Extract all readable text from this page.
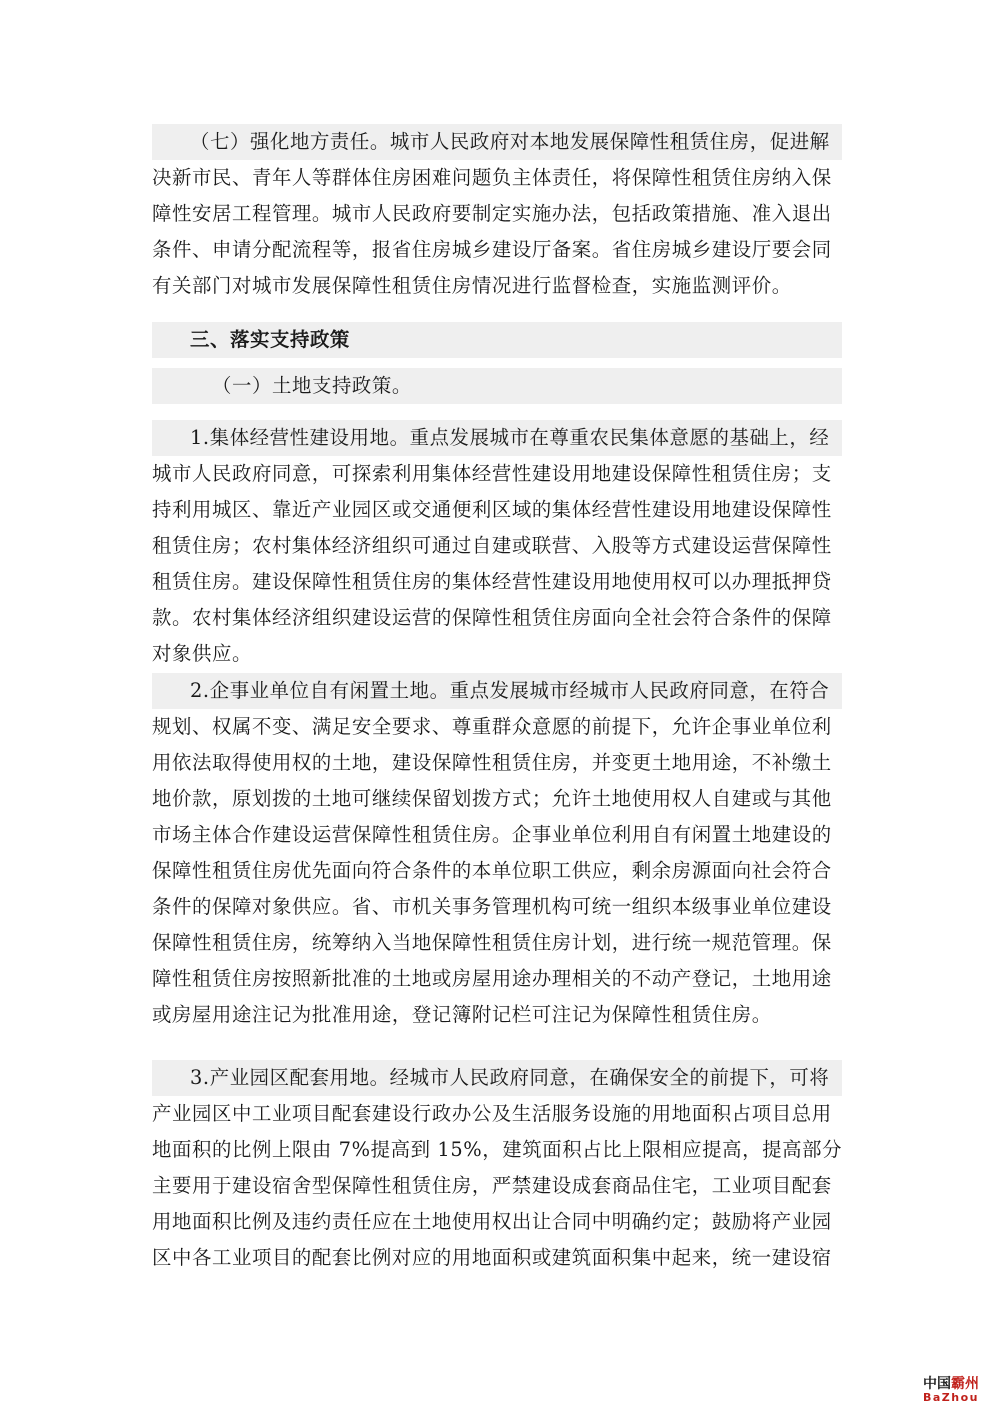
（七）强化地方责任。城市人民政府对本地发展保障性租赁住房，促进解
决新市民、青年人等群体住房困难问题负主体责任，将保障性租赁住房纳入保
障性安居工程管理。城市人民政府要制定实施办法，包括政策措施、准入退出
条件、申请分配流程等，报省住房城乡建设厅备案。省住房城乡建设厅要会同
有关部门对城市发展保障性租赁住房情况进行监督检查，实施监测评价。
三、落实支持政策
（一）土地支持政策。
1.集体经营性建设用地。重点发展城市在尊重农民集体意愿的基础上，经
城市人民政府同意，可探索利用集体经营性建设用地建设保障性租赁住房；支
持利用城区、靠近产业园区或交通便利区域的集体经营性建设用地建设保障性
租赁住房；农村集体经济组织可通过自建或联营、入股等方式建设运营保障性
租赁住房。建设保障性租赁住房的集体经营性建设用地使用权可以办理抵押贷
款。农村集体经济组织建设运营的保障性租赁住房面向全社会符合条件的保障
对象供应。
2.企事业单位自有闲置土地。重点发展城市经城市人民政府同意，在符合
规划、权属不变、满足安全要求、尊重群众意愿的前提下，允许企事业单位利
用依法取得使用权的土地，建设保障性租赁住房，并变更土地用途，不补缴土
地价款，原划拨的土地可继续保留划拨方式；允许土地使用权人自建或与其他
市场主体合作建设运营保障性租赁住房。企事业单位利用自有闲置土地建设的
保障性租赁住房优先面向符合条件的本单位职工供应，剩余房源面向社会符合
条件的保障对象供应。省、市机关事务管理机构可统一组织本级事业单位建设
保障性租赁住房，统筹纳入当地保障性租赁住房计划，进行统一规范管理。保
障性租赁住房按照新批准的土地或房屋用途办理相关的不动产登记，土地用途
或房屋用途注记为批准用途，登记簿附记栏可注记为保障性租赁住房。
3.产业园区配套用地。经城市人民政府同意，在确保安全的前提下，可将
产业园区中工业项目配套建设行政办公及生活服务设施的用地面积占项目总用
地面积的比例上限由 7%提高到 15%，建筑面积占比上限相应提高，提高部分
主要用于建设宿舍型保障性租赁住房，严禁建设成套商品住宅，工业项目配套
用地面积比例及违约责任应在土地使用权出让合同中明确约定；鼓励将产业园
区中各工业项目的配套比例对应的用地面积或建筑面积集中起来，统一建设宿
中国霸州
BaZhou
